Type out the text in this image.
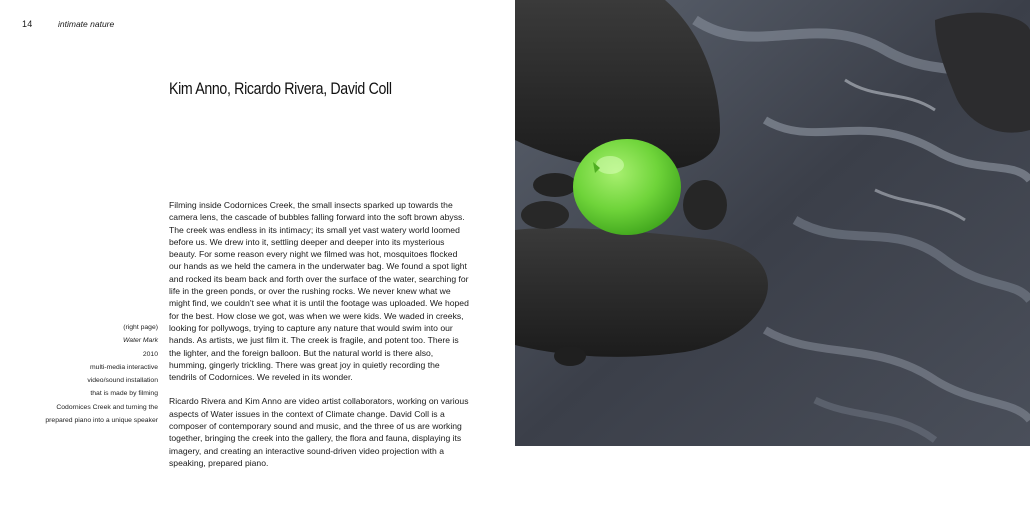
14	intimate nature
Kim Anno, Ricardo Rivera, David Coll
(right page)
Water Mark
2010
multi-media interactive
video/sound installation
that is made by filming
Codornices Creek and turning the
prepared piano into a unique speaker

Filming inside Codornices Creek, the small insects sparked up towards the camera lens, the cascade of bubbles falling forward into the soft brown abyss. The creek was endless in its intimacy; its small yet vast watery world loomed before us. We drew into it, settling deeper and deeper into its mysterious beauty. For some reason every night we filmed was hot, mosquitoes flocked our hands as we held the camera in the underwater bag. We found a spot light and rocked its beam back and forth over the surface of the water, searching for life in the green ponds, or over the rushing rocks. We never knew what we might find, we couldn’t see what it is until the footage was uploaded. We hoped for the best. How close we got, was when we were kids. We waded in creeks, looking for pollywogs, trying to capture any nature that would swim into our hands. As artists, we just film it. The creek is fragile, and potent too. There is the lighter, and the foreign balloon. But the natural world is there also, humming, gingerly trickling. There was great joy in quietly recording the tendrils of Codornices. We reveled in its wonder.

Ricardo Rivera and Kim Anno are video artist collaborators, working on various aspects of Water issues in the context of Climate change. David Coll is a composer of contemporary sound and music, and the three of us are working together, bringing the creek into the gallery, the flora and fauna, displaying its imagery, and creating an interactive sound-driven video projection with a speaking, prepared piano.
